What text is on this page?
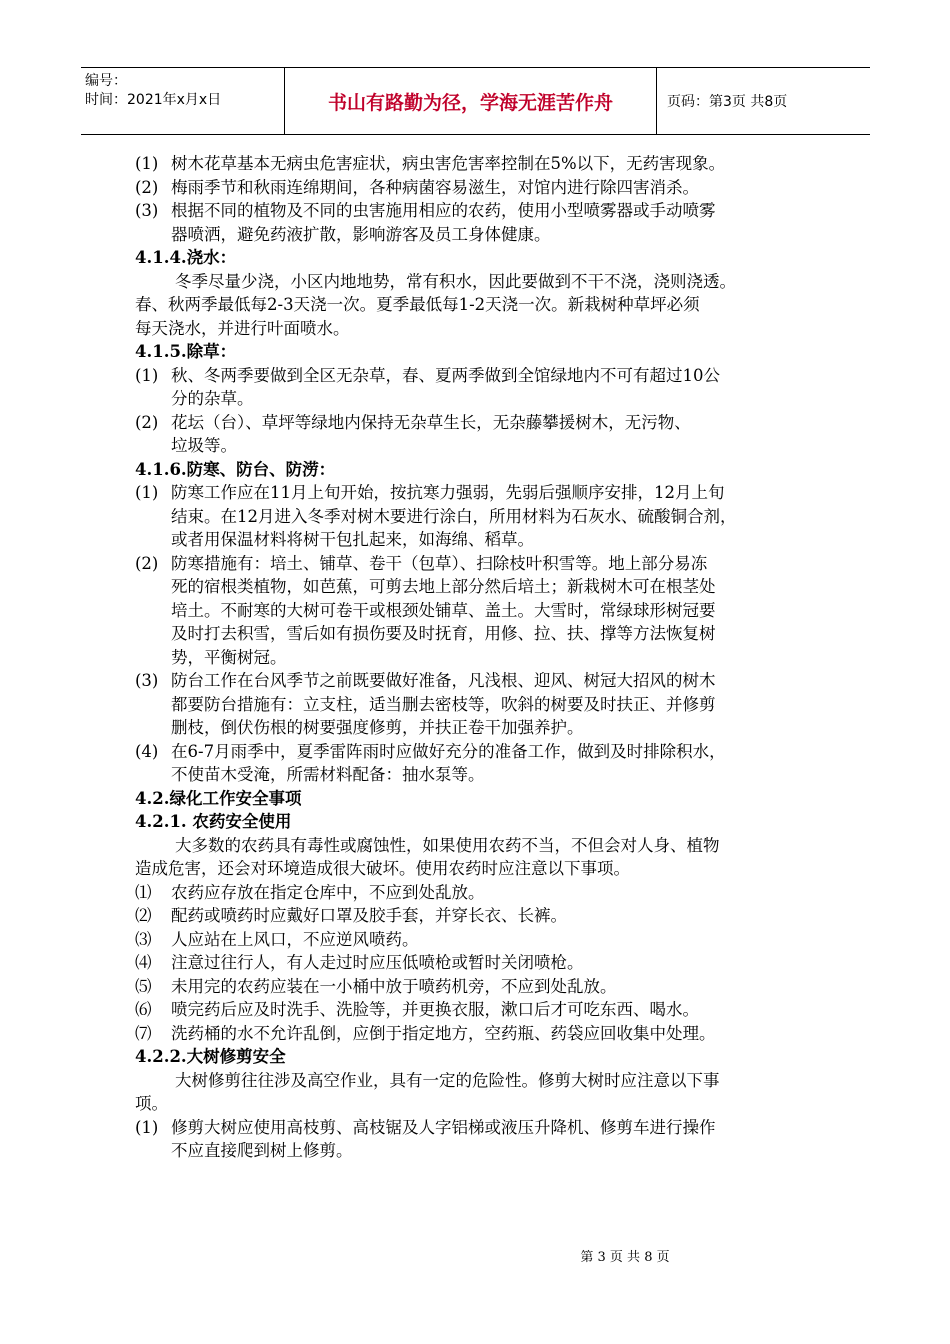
编号：
时间：2021年x月x日	书山有路勤为径，学海无涯苦作舟	页码：第3页 共8页
(1) 树木花草基本无病虫危害症状，病虫害危害率控制在5%以下，无药害现象。
(2) 梅雨季节和秋雨连绵期间，各种病菌容易滋生，对馆内进行除四害消杀。
(3) 根据不同的植物及不同的虫害施用相应的农药，使用小型喷雾器或手动喷雾
器喷洒，避免药液扩散，影响游客及员工身体健康。
4.1.4.浇水：
冬季尽量少浇，小区内地地势，常有积水，因此要做到不干不浇，浇则浇透。
春、秋两季最低每2-3天浇一次。夏季最低每1-2天浇一次。新栽树种草坪必须
每天浇水，并进行叶面喷水。
4.1.5.除草：
(1) 秋、冬两季要做到全区无杂草，春、夏两季做到全馆绿地内不可有超过10公
分的杂草。
(2) 花坛（台）、草坪等绿地内保持无杂草生长，无杂藤攀援树木，无污物、
垃圾等。
4.1.6.防寒、防台、防涝：
(1) 防寒工作应在11月上旬开始，按抗寒力强弱，先弱后强顺序安排，12月上旬
结束。在12月进入冬季对树木要进行涂白，所用材料为石灰水、硫酸铜合剂，
或者用保温材料将树干包扎起来，如海绵、稻草。
(2) 防寒措施有：培土、铺草、卷干（包草）、扫除枝叶积雪等。地上部分易冻
死的宿根类植物，如芭蕉，可剪去地上部分然后培土；新栽树木可在根茎处
培土。不耐寒的大树可卷干或根颈处铺草、盖土。大雪时，常绿球形树冠要
及时打去积雪，雪后如有损伤要及时抚育，用修、拉、扶、撑等方法恢复树
势，平衡树冠。
(3) 防台工作在台风季节之前既要做好准备，凡浅根、迎风、树冠大招风的树木
都要防台措施有：立支柱，适当删去密枝等，吹斜的树要及时扶正、并修剪
删枝，倒伏伤根的树要强度修剪，并扶正卷干加强养护。
(4) 在6-7月雨季中，夏季雷阵雨时应做好充分的准备工作，做到及时排除积水，
不使苗木受淹，所需材料配备：抽水泵等。
4.2.绿化工作安全事项
4.2.1. 农药安全使用
大多数的农药具有毒性或腐蚀性，如果使用农药不当，不但会对人身、植物
造成危害，还会对环境造成很大破坏。使用农药时应注意以下事项。
⑴	农药应存放在指定仓库中，不应到处乱放。
⑵	配药或喷药时应戴好口罩及胶手套，并穿长衣、长裤。
⑶	人应站在上风口，不应逆风喷药。
⑷	注意过往行人，有人走过时应压低喷枪或暂时关闭喷枪。
⑸	未用完的农药应装在一小桶中放于喷药机旁，不应到处乱放。
⑹	喷完药后应及时洗手、洗脸等，并更换衣服，漱口后才可吃东西、喝水。
⑺	洗药桶的水不允许乱倒，应倒于指定地方，空药瓶、药袋应回收集中处理。
4.2.2.大树修剪安全
大树修剪往往涉及高空作业，具有一定的危险性。修剪大树时应注意以下事
项。
(1) 修剪大树应使用高枝剪、高枝锯及人字铝梯或液压升降机、修剪车进行操作
不应直接爬到树上修剪。
第 3 页 共 8 页
